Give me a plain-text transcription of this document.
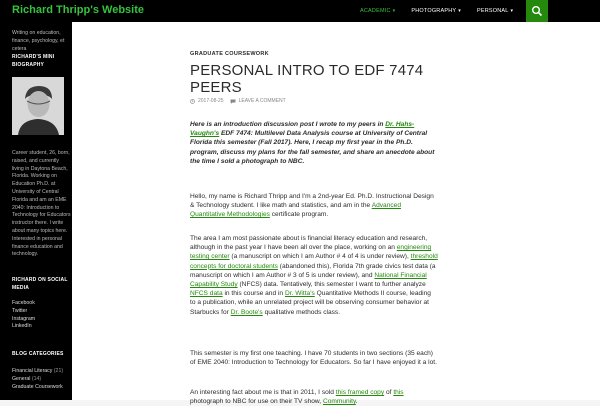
Richard Thripp's Website	ACADEMIC ▾	PHOTOGRAPHY ▾	PERSONAL ▾
Writing on education, finance, psychology, et cetera
RICHARD'S MINI BIOGRAPHY
Career student, 26, born, raised, and currently living in Daytona Beach, Florida. Working on Education Ph.D. at University of Central Florida and am an EME 2040: Introduction to Technology for Educators instructor there. I write about many topics here. Interested in personal finance education and technology.
RICHARD ON SOCIAL MEDIA
Facebook
Twitter
Instagram
LinkedIn
BLOG CATEGORIES
Financial Literacy (21)
General (14)
Graduate Coursework
GRADUATE COURSEWORK
PERSONAL INTRO TO EDF 7474 PEERS
2017-08-25	LEAVE A COMMENT
Here is an introduction discussion post I wrote to my peers in Dr. Hahs-Vaughn's EDF 7474: Multilevel Data Analysis course at University of Central Florida this semester (Fall 2017). Here, I recap my first year in the Ph.D. program, discuss my plans for the fall semester, and share an anecdote about the time I sold a photograph to NBC.
Hello, my name is Richard Thripp and I'm a 2nd-year Ed. Ph.D. Instructional Design & Technology student. I like math and statistics, and am in the Advanced Quantitative Methodologies certificate program.
The area I am most passionate about is financial literacy education and research, although in the past year I have been all over the place, working on an engineering testing center (a manuscript on which I am Author # 4 of 4 is under review), threshold concepts for doctoral students (abandoned this), Florida 7th grade civics test data (a manuscript on which I am Author # 3 of 5 is under review), and National Financial Capability Study (NFCS) data. Tentatively, this semester I want to further analyze NFCS data in this course and in Dr. Witta's Quantitative Methods II course, leading to a publication, while an unrelated project will be observing consumer behavior at Starbucks for Dr. Boote's qualitative methods class.
This semester is my first one teaching. I have 70 students in two sections (35 each) of EME 2040: Introduction to Technology for Educators. So far I have enjoyed it a lot.
An interesting fact about me is that in 2011, I sold this framed copy of this photograph to NBC for use on their TV show, Community.
